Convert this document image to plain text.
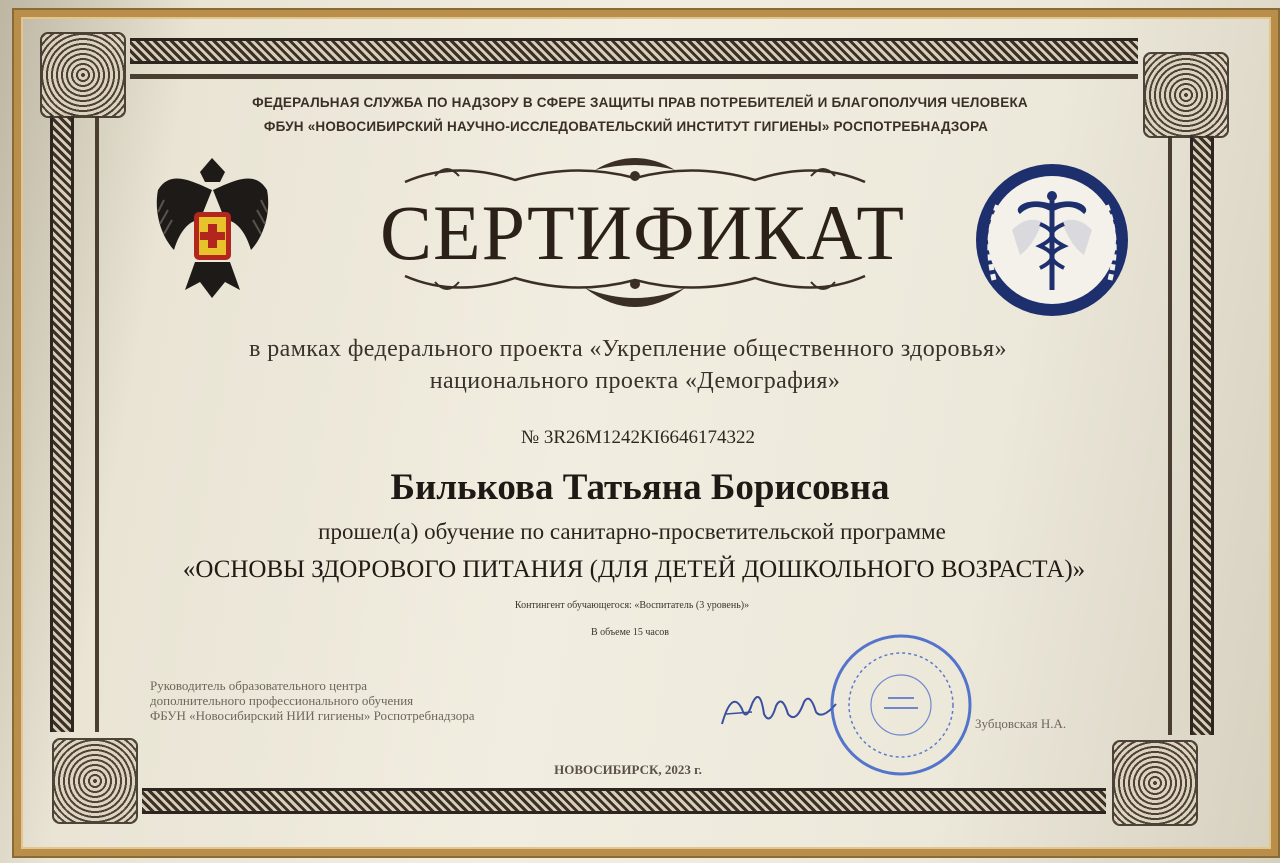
ФЕДЕРАЛЬНАЯ СЛУЖБА ПО НАДЗОРУ В СФЕРЕ ЗАЩИТЫ ПРАВ ПОТРЕБИТЕЛЕЙ И БЛАГОПОЛУЧИЯ ЧЕЛОВЕКА
ФБУН «НОВОСИБИРСКИЙ НАУЧНО-ИССЛЕДОВАТЕЛЬСКИЙ ИНСТИТУТ ГИГИЕНЫ» РОСПОТРЕБНАДЗОРА
СЕРТИФИКАТ
в рамках федерального проекта «Укрепление общественного здоровья»
национального проекта «Демография»
№ 3R26M1242KI6646174322
Билькова Татьяна Борисовна
прошел(а) обучение по санитарно-просветительской программе
«ОСНОВЫ ЗДОРОВОГО ПИТАНИЯ (ДЛЯ ДЕТЕЙ ДОШКОЛЬНОГО ВОЗРАСТА)»
Контингент обучающегося: «Воспитатель (3 уровень)»
В объеме 15 часов
Руководитель образовательного центра
дополнительного профессионального обучения
ФБУН «Новосибирский НИИ гигиены» Роспотребнадзора
Зубцовская Н.А.
НОВОСИБИРСК, 2023 г.
